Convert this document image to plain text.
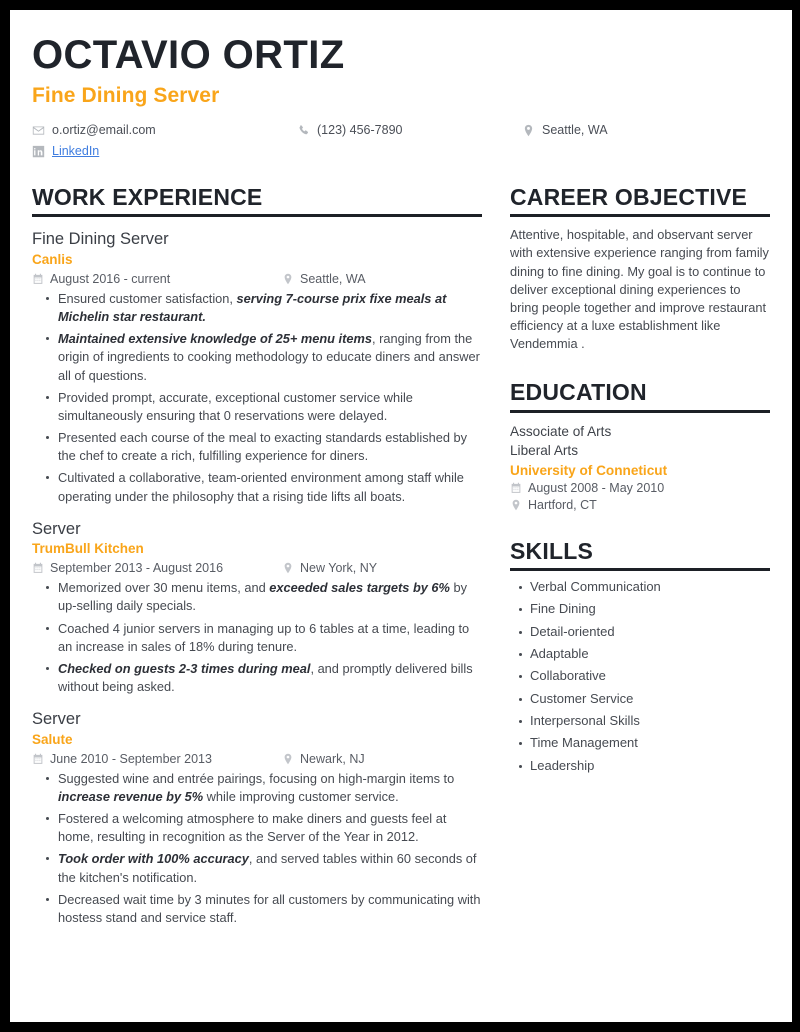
OCTAVIO ORTIZ
Fine Dining Server
o.ortiz@email.com	(123) 456-7890	Seattle, WA
LinkedIn
WORK EXPERIENCE
Fine Dining Server
Canlis
August 2016 - current	Seattle, WA
Ensured customer satisfaction, serving 7-course prix fixe meals at Michelin star restaurant.
Maintained extensive knowledge of 25+ menu items, ranging from the origin of ingredients to cooking methodology to educate diners and answer all of questions.
Provided prompt, accurate, exceptional customer service while simultaneously ensuring that 0 reservations were delayed.
Presented each course of the meal to exacting standards established by the chef to create a rich, fulfilling experience for diners.
Cultivated a collaborative, team-oriented environment among staff while operating under the philosophy that a rising tide lifts all boats.
Server
TrumBull Kitchen
September 2013 - August 2016	New York, NY
Memorized over 30 menu items, and exceeded sales targets by 6% by up-selling daily specials.
Coached 4 junior servers in managing up to 6 tables at a time, leading to an increase in sales of 18% during tenure.
Checked on guests 2-3 times during meal, and promptly delivered bills without being asked.
Server
Salute
June 2010 - September 2013	Newark, NJ
Suggested wine and entrée pairings, focusing on high-margin items to increase revenue by 5% while improving customer service.
Fostered a welcoming atmosphere to make diners and guests feel at home, resulting in recognition as the Server of the Year in 2012.
Took order with 100% accuracy, and served tables within 60 seconds of the kitchen's notification.
Decreased wait time by 3 minutes for all customers by communicating with hostess stand and service staff.
CAREER OBJECTIVE
Attentive, hospitable, and observant server with extensive experience ranging from family dining to fine dining. My goal is to continue to deliver exceptional dining experiences to bring people together and improve restaurant efficiency at a luxe establishment like Vendemmia .
EDUCATION
Associate of Arts
Liberal Arts
University of Conneticut
August 2008 - May 2010
Hartford, CT
SKILLS
Verbal Communication
Fine Dining
Detail-oriented
Adaptable
Collaborative
Customer Service
Interpersonal Skills
Time Management
Leadership
